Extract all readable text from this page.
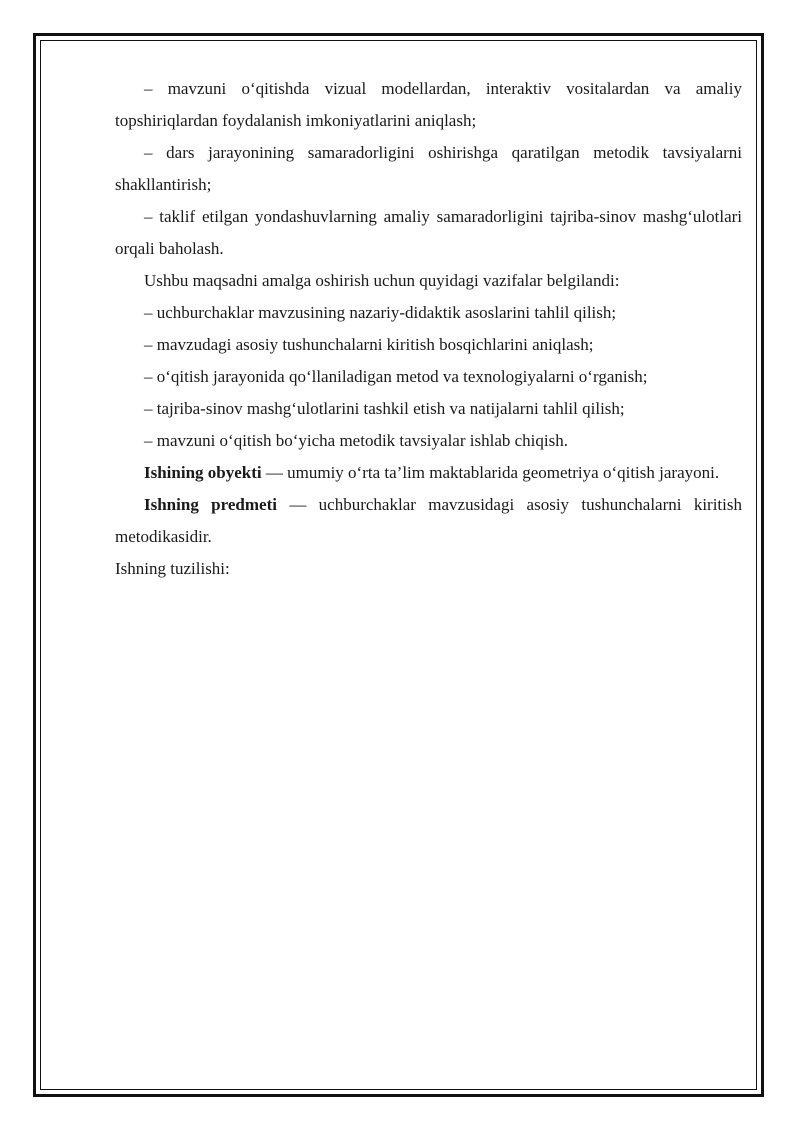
– mavzuni o‘qitishda vizual modellardan, interaktiv vositalardan va amaliy topshiriqlardan foydalanish imkoniyatlarini aniqlash;

– dars jarayonining samaradorligini oshirishga qaratilgan metodik tavsiyalarni shakllantirish;

– taklif etilgan yondashuvlarning amaliy samaradorligini tajriba-sinov mashg‘ulotlari orqali baholash.

Ushbu maqsadni amalga oshirish uchun quyidagi vazifalar belgilandi:

– uchburchaklar mavzusining nazariy-didaktik asoslarini tahlil qilish;

– mavzudagi asosiy tushunchalarni kiritish bosqichlarini aniqlash;

– o‘qitish jarayonida qo‘llaniladigan metod va texnologiyalarni o‘rganish;

– tajriba-sinov mashg‘ulotlarini tashkil etish va natijalarni tahlil qilish;

– mavzuni o‘qitish bo‘yicha metodik tavsiyalar ishlab chiqish.

Ishining obyekti — umumiy o‘rta ta’lim maktablarida geometriya o‘qitish jarayoni.

Ishning predmeti — uchburchaklar mavzusidagi asosiy tushunchalarni kiritish metodikasidir.

Ishning tuzilishi:
